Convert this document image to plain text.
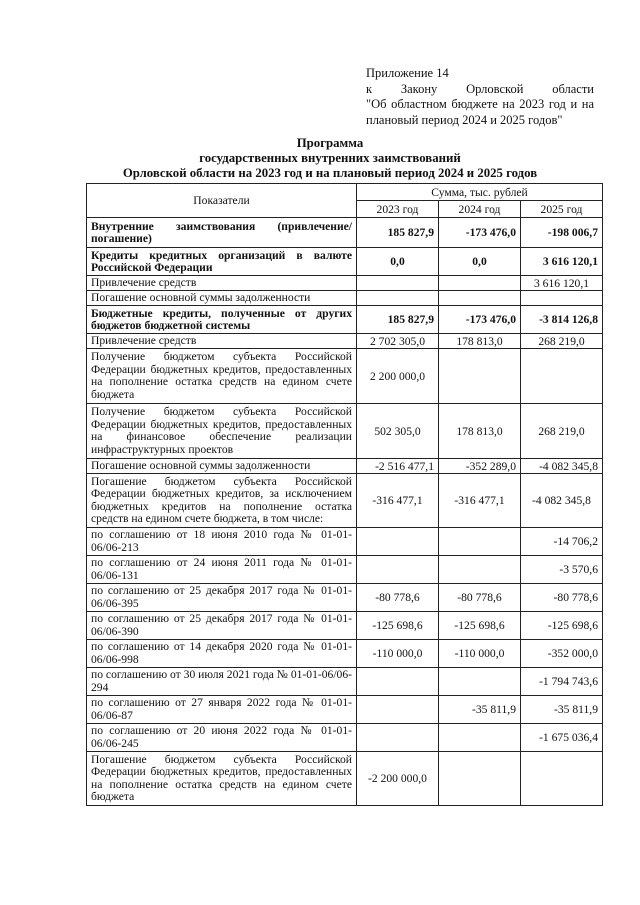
Приложение 14
к Закону Орловской области
"Об областном бюджете на 2023 год и на
плановый период 2024 и 2025 годов"
Программа
государственных внутренних заимствований
Орловской области на 2023 год и на плановый период 2024 и 2025 годов
Показатели	Сумма, тыс. рублей		
	2023 год	2024 год	2025 год
Внутренние заимствования (привлечение/погашение)	185 827,9	-173 476,0	-198 006,7
Кредиты кредитных организаций в валюте Российской Федерации	0,0	0,0	3 616 120,1
Привлечение средств			3 616 120,1
Погашение основной суммы задолженности			
Бюджетные кредиты, полученные от других бюджетов бюджетной системы	185 827,9	-173 476,0	-3 814 126,8
Привлечение средств	2 702 305,0	178 813,0	268 219,0
Получение бюджетом субъекта Российской Федерации бюджетных кредитов, предоставленных на пополнение остатка средств на едином счете бюджета	2 200 000,0		
Получение бюджетом субъекта Российской Федерации бюджетных кредитов, предоставленных на финансовое обеспечение реализации инфраструктурных проектов	502 305,0	178 813,0	268 219,0
Погашение основной суммы задолженности	-2 516 477,1	-352 289,0	-4 082 345,8
Погашение бюджетом субъекта Российской Федерации бюджетных кредитов, за исключением бюджетных кредитов на пополнение остатка средств на едином счете бюджета, в том числе:	-316 477,1	-316 477,1	-4 082 345,8
по соглашению от 18 июня 2010 года № 01-01-06/06-213			-14 706,2
по соглашению от 24 июня 2011 года № 01-01-06/06-131			-3 570,6
по соглашению от 25 декабря 2017 года № 01-01-06/06-395	-80 778,6	-80 778,6	-80 778,6
по соглашению от 25 декабря 2017 года № 01-01-06/06-390	-125 698,6	-125 698,6	-125 698,6
по соглашению от 14 декабря 2020 года № 01-01-06/06-998	-110 000,0	-110 000,0	-352 000,0
по соглашению от 30 июля 2021 года № 01-01-06/06-294			-1 794 743,6
по соглашению от 27 января 2022 года № 01-01-06/06-87		-35 811,9	-35 811,9
по соглашению от 20 июня 2022 года № 01-01-06/06-245			-1 675 036,4
Погашение бюджетом субъекта Российской Федерации бюджетных кредитов, предоставленных на пополнение остатка средств на едином счете бюджета	-2 200 000,0		
